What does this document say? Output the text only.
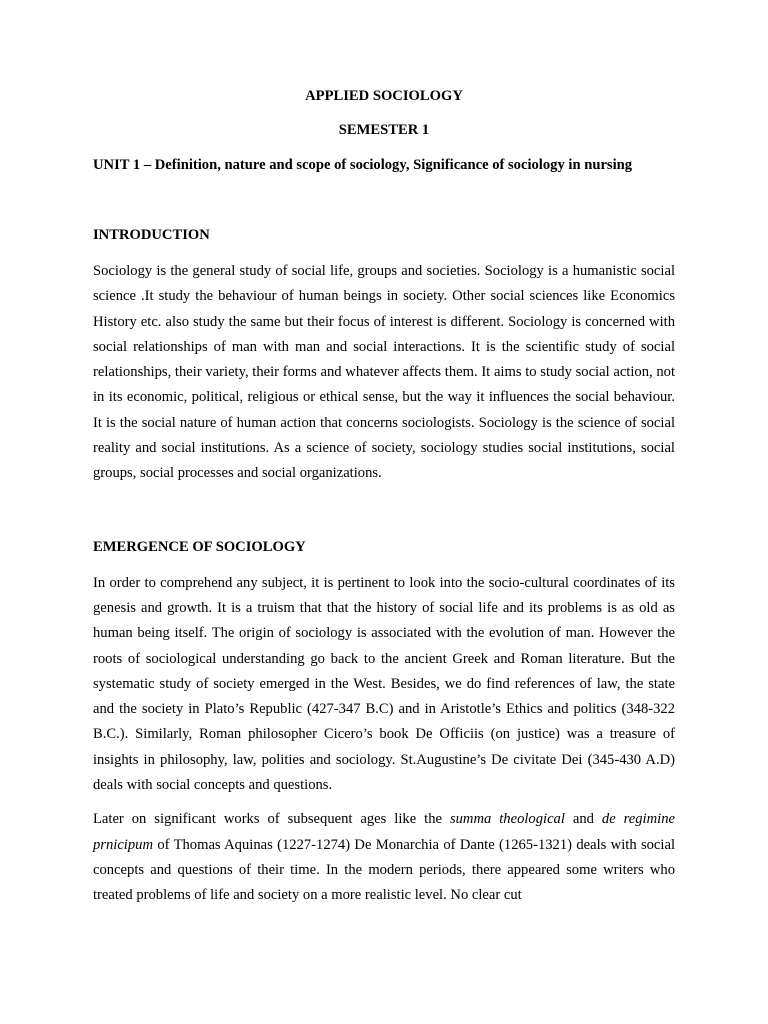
APPLIED SOCIOLOGY

SEMESTER 1

UNIT 1 – Definition, nature and scope of sociology, Significance of sociology in nursing

INTRODUCTION

Sociology is the general study of social life, groups and societies. Sociology is a humanistic social science .It study the behaviour of human beings in society. Other social sciences like Economics History etc. also study the same but their focus of interest is different. Sociology is concerned with social relationships of man with man and social interactions. It is the scientific study of social relationships, their variety, their forms and whatever affects them. It aims to study social action, not in its economic, political, religious or ethical sense, but the way it influences the social behaviour. It is the social nature of human action that concerns sociologists. Sociology is the science of social reality and social institutions. As a science of society, sociology studies social institutions, social groups, social processes and social organizations.

EMERGENCE OF SOCIOLOGY

In order to comprehend any subject, it is pertinent to look into the socio-cultural coordinates of its genesis and growth. It is a truism that that the history of social life and its problems is as old as human being itself. The origin of sociology is associated with the evolution of man. However the roots of sociological understanding go back to the ancient Greek and Roman literature. But the systematic study of society emerged in the West. Besides, we do find references of law, the state and the society in Plato’s Republic (427-347 B.C) and in Aristotle’s Ethics and politics (348-322 B.C.). Similarly, Roman philosopher Cicero’s book De Officiis (on justice) was a treasure of insights in philosophy, law, polities and sociology. St.Augustine’s De civitate Dei (345-430 A.D) deals with social concepts and questions.

Later on significant works of subsequent ages like the summa theological and de regimine prnicipum of Thomas Aquinas (1227-1274) De Monarchia of Dante (1265-1321) deals with social concepts and questions of their time. In the modern periods, there appeared some writers who treated problems of life and society on a more realistic level. No clear cut
